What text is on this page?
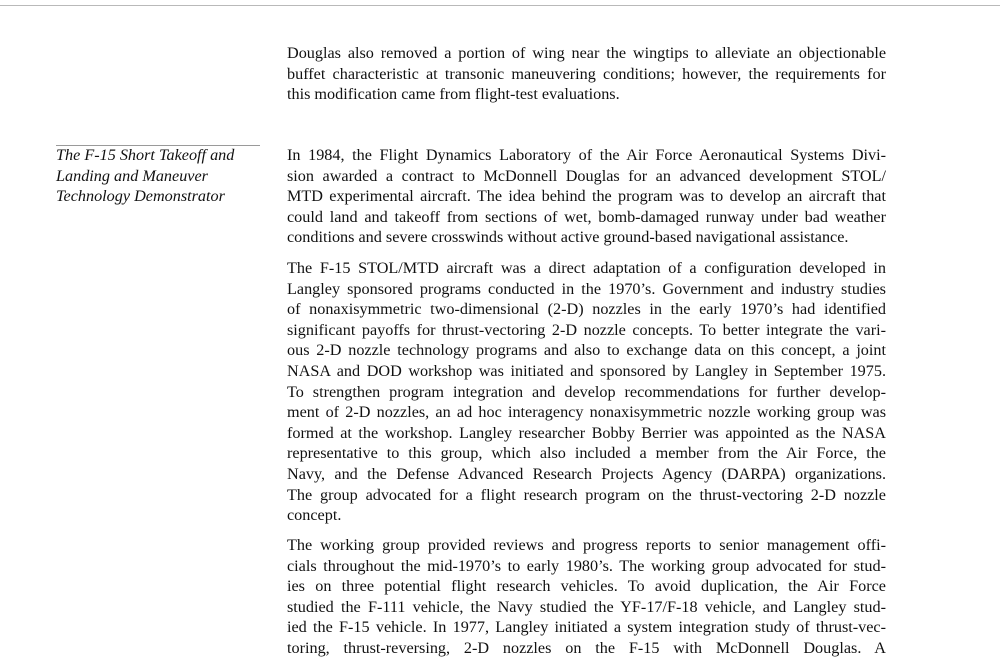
The F-15 Short Takeoff and
Landing and Maneuver
Technology Demonstrator

Douglas also removed a portion of wing near the wingtips to alleviate an objectionable
buffet characteristic at transonic maneuvering conditions; however, the requirements for
this modification came from flight-test evaluations.

In 1984, the Flight Dynamics Laboratory of the Air Force Aeronautical Systems Divi-
sion awarded a contract to McDonnell Douglas for an advanced development STOL/
MTD experimental aircraft. The idea behind the program was to develop an aircraft that
could land and takeoff from sections of wet, bomb-damaged runway under bad weather
conditions and severe crosswinds without active ground-based navigational assistance.

The F-15 STOL/MTD aircraft was a direct adaptation of a configuration developed in
Langley sponsored programs conducted in the 1970’s. Government and industry studies
of nonaxisymmetric two-dimensional (2-D) nozzles in the early 1970’s had identified
significant payoffs for thrust-vectoring 2-D nozzle concepts. To better integrate the vari-
ous 2-D nozzle technology programs and also to exchange data on this concept, a joint
NASA and DOD workshop was initiated and sponsored by Langley in September 1975.
To strengthen program integration and develop recommendations for further develop-
ment of 2-D nozzles, an ad hoc interagency nonaxisymmetric nozzle working group was
formed at the workshop. Langley researcher Bobby Berrier was appointed as the NASA
representative to this group, which also included a member from the Air Force, the
Navy, and the Defense Advanced Research Projects Agency (DARPA) organizations.
The group advocated for a flight research program on the thrust-vectoring 2-D nozzle
concept.

The working group provided reviews and progress reports to senior management offi-
cials throughout the mid-1970’s to early 1980’s. The working group advocated for stud-
ies on three potential flight research vehicles. To avoid duplication, the Air Force
studied the F-111 vehicle, the Navy studied the YF-17/F-18 vehicle, and Langley stud-
ied the F-15 vehicle. In 1977, Langley initiated a system integration study of thrust-vec-
toring, thrust-reversing, 2-D nozzles on the F-15 with McDonnell Douglas. A
